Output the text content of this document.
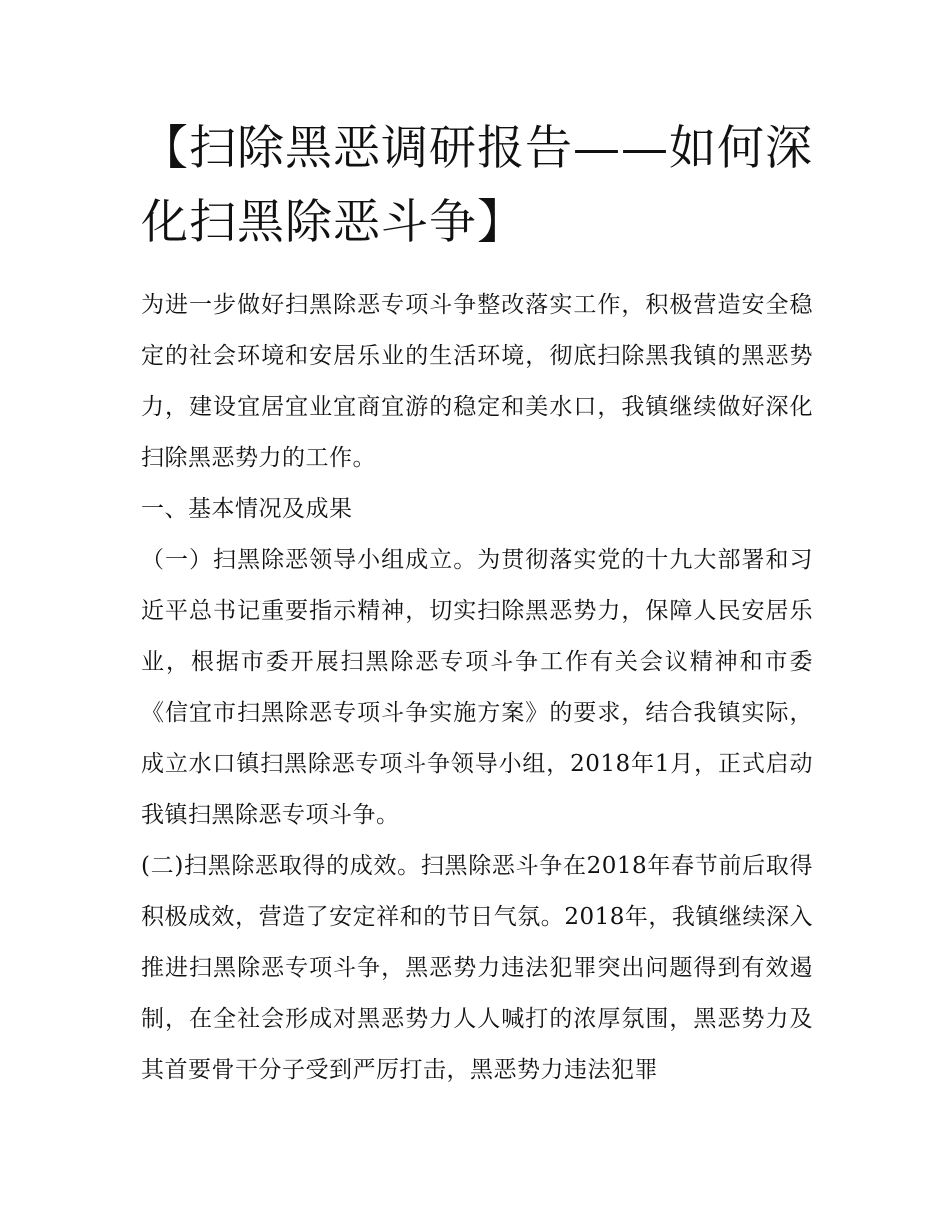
【扫除黑恶调研报告——如何深化扫黑除恶斗争】

为进一步做好扫黑除恶专项斗争整改落实工作，积极营造安全稳定的社会环境和安居乐业的生活环境，彻底扫除黑我镇的黑恶势力，建设宜居宜业宜商宜游的稳定和美水口，我镇继续做好深化扫除黑恶势力的工作。

一、基本情况及成果

（一）扫黑除恶领导小组成立。为贯彻落实党的十九大部署和习近平总书记重要指示精神，切实扫除黑恶势力，保障人民安居乐业，根据市委开展扫黑除恶专项斗争工作有关会议精神和市委《信宜市扫黑除恶专项斗争实施方案》的要求，结合我镇实际，成立水口镇扫黑除恶专项斗争领导小组，2018年1月，正式启动我镇扫黑除恶专项斗争。

(二)扫黑除恶取得的成效。扫黑除恶斗争在2018年春节前后取得积极成效，营造了安定祥和的节日气氛。2018年，我镇继续深入推进扫黑除恶专项斗争，黑恶势力违法犯罪突出问题得到有效遏制，在全社会形成对黑恶势力人人喊打的浓厚氛围，黑恶势力及其首要骨干分子受到严厉打击，黑恶势力违法犯罪
